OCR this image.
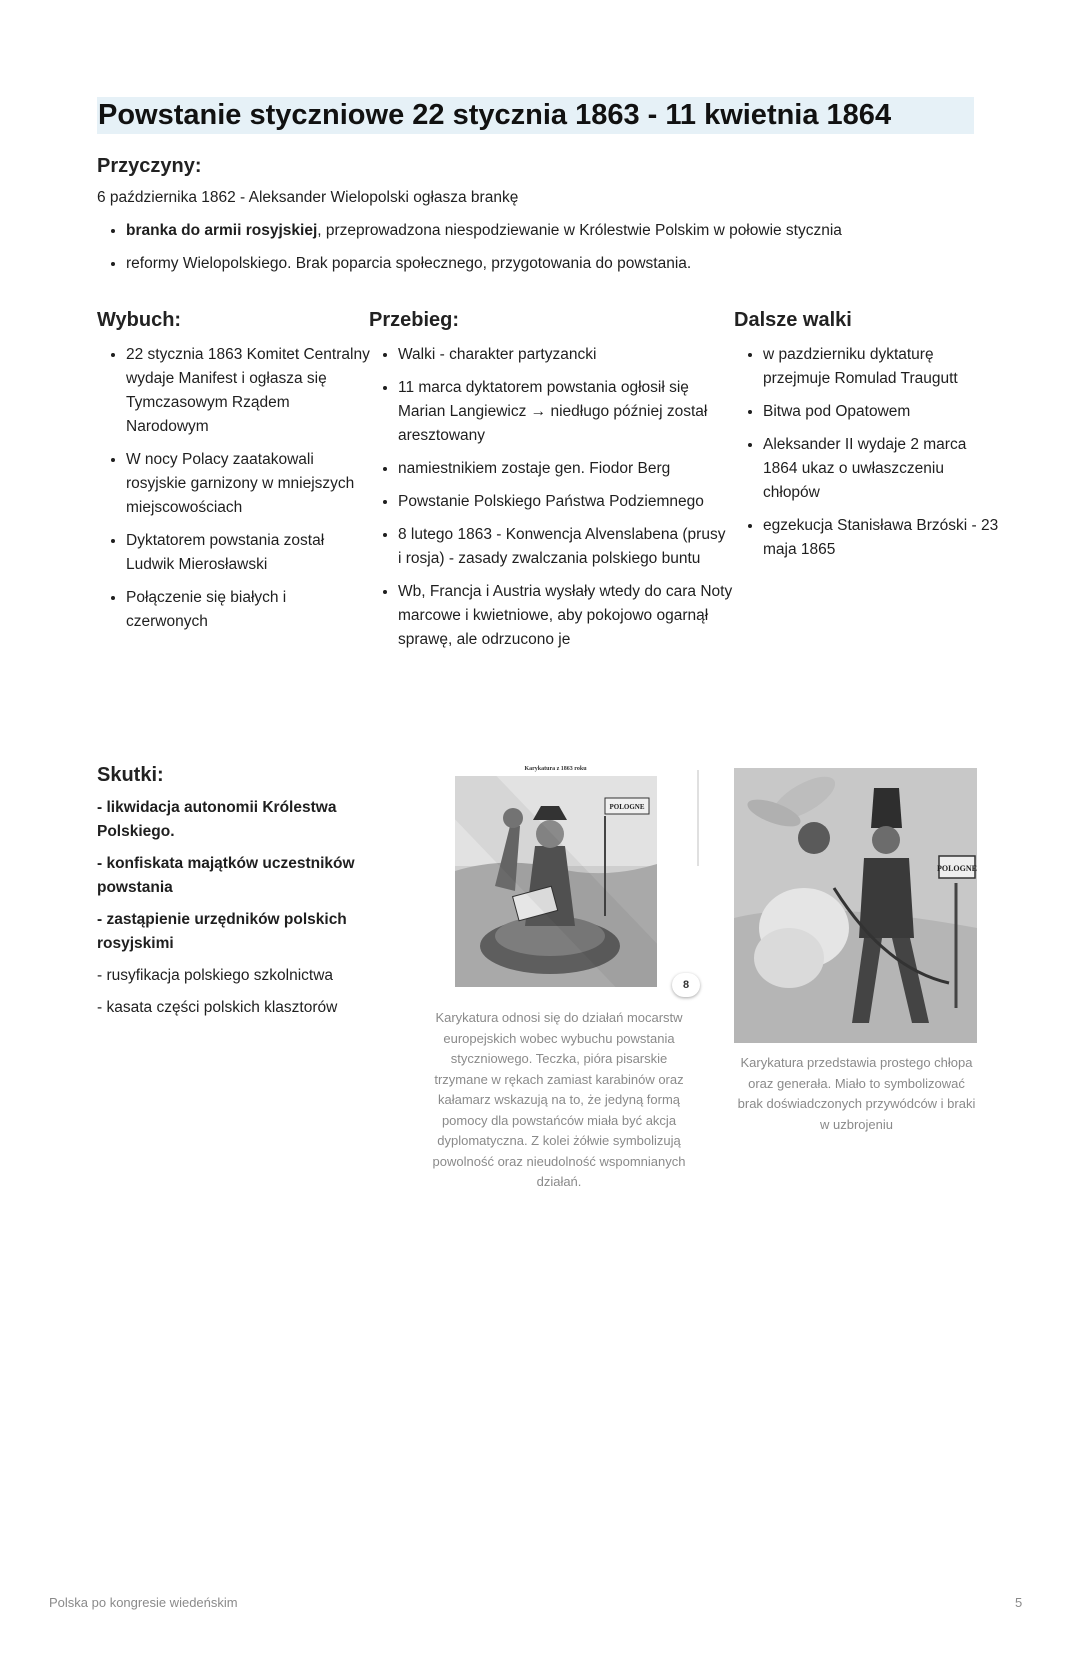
Powstanie styczniowe 22 stycznia 1863 - 11 kwietnia 1864
Przyczyny:

6 października 1862 - Aleksander Wielopolski ogłasza brankę

• branka do armii rosyjskiej, przeprowadzona niespodziewanie w Królestwie Polskim w połowie stycznia
• reformy Wielopolskiego. Brak poparcia społecznego, przygotowania do powstania.
Wybuch:
• 22 stycznia 1863 Komitet Centralny wydaje Manifest i ogłasza się Tymczasowym Rządem Narodowym
• W nocy Polacy zaatakowali rosyjskie garnizony w mniejszych miejscowościach
• Dyktatorem powstania został Ludwik Mierosławski
• Połączenie się białych i czerwonych
Przebieg:
• Walki - charakter partyzancki
• 11 marca dyktatorem powstania ogłosił się Marian Langiewicz → niedługo później został aresztowany
• namiestnikiem zostaje gen. Fiodor Berg
• Powstanie Polskiego Państwa Podziemnego
• 8 lutego 1863 - Konwencja Alvenslabena (prusy i rosja) - zasady zwalczania polskiego buntu
• Wb, Francja i Austria wysłały wtedy do cara Noty marcowe i kwietniowe, aby pokojowo ogarnął sprawę, ale odrzucono je
Dalsze walki
• w pazdzierniku dyktaturę przejmuje Romulad Traugutt
• Bitwa pod Opatowem
• Aleksander II wydaje 2 marca 1864 ukaz o uwłaszczeniu chłopów
• egzekucja Stanisława Brzóski - 23 maja 1865
Skutki:

- likwidacja autonomii Królestwa Polskiego.

- konfiskata majątków uczestników powstania

- zastąpienie urzędników polskich rosyjskimi

- rusyfikacja polskiego szkolnictwa

- kasata części polskich klasztorów

Karykatura z 1863 roku
POLOGNE
8
Karykatura odnosi się do działań mocarstw europejskich wobec wybuchu powstania styczniowego. Teczka, pióra pisarskie trzymane w rękach zamiast karabinów oraz kałamarz wskazują na to, że jedyną formą pomocy dla powstańców miała być akcja dyplomatyczna. Z kolei żółwie symbolizują powolność oraz nieudolność wspomnianych działań.
POLOGNE
Karykatura przedstawia prostego chłopa oraz generała. Miało to symbolizować brak doświadczonych przywódców i braki w uzbrojeniu
Polska po kongresie wiedeńskim	5
